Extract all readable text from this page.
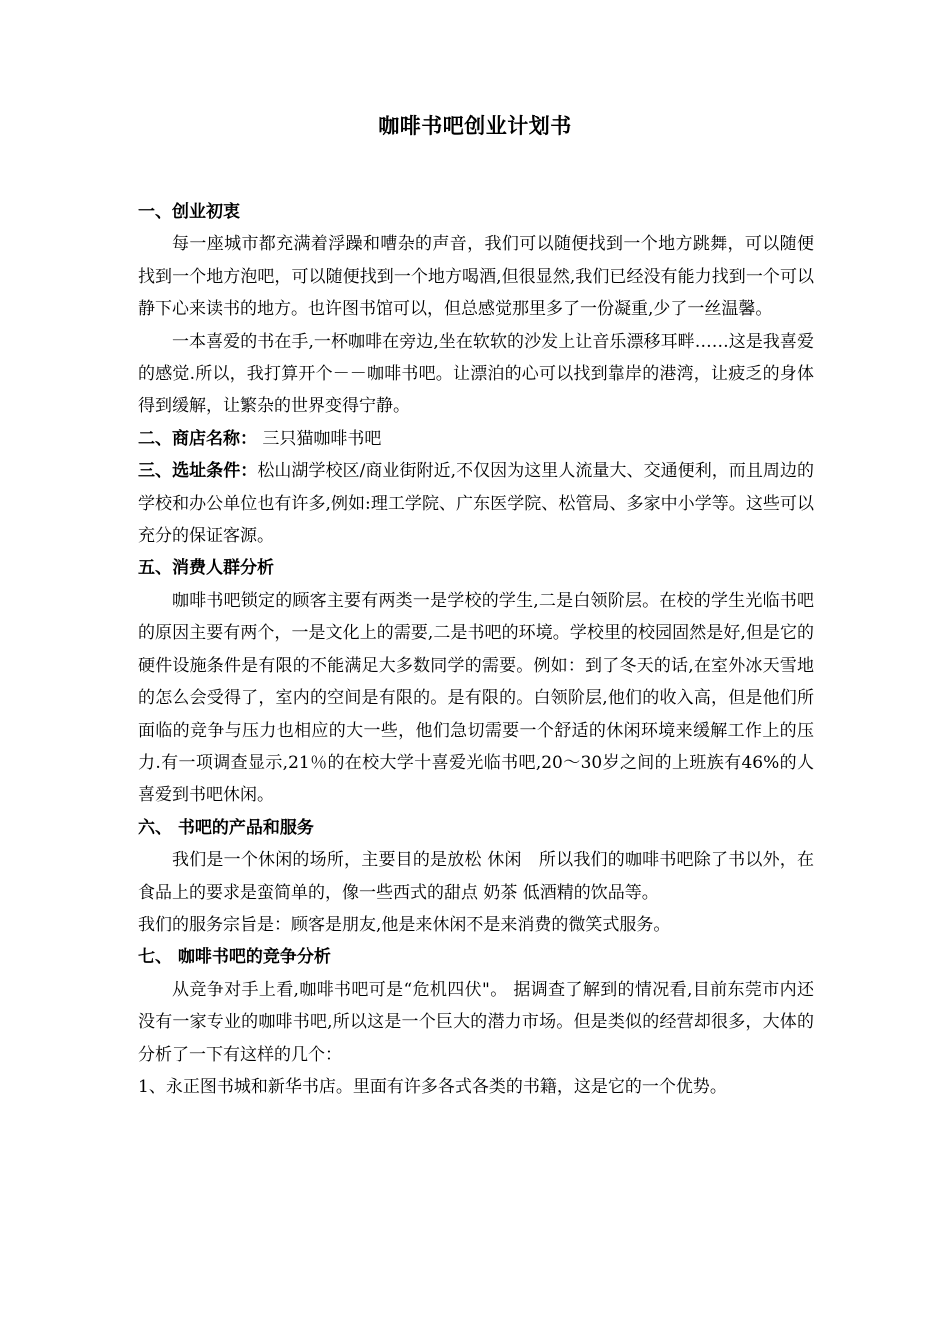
咖啡书吧创业计划书

一、创业初衷

每一座城市都充满着浮躁和嘈杂的声音，我们可以随便找到一个地方跳舞，可以随便找到一个地方泡吧，可以随便找到一个地方喝酒,但很显然,我们已经没有能力找到一个可以静下心来读书的地方。也许图书馆可以，但总感觉那里多了一份凝重,少了一丝温馨。

一本喜爱的书在手,一杯咖啡在旁边,坐在软软的沙发上让音乐漂移耳畔……这是我喜爱的感觉.所以，我打算开个－－咖啡书吧。让漂泊的心可以找到靠岸的港湾，让疲乏的身体得到缓解，让繁杂的世界变得宁静。

二、商店名称： 三只猫咖啡书吧

三、选址条件：松山湖学校区/商业街附近,不仅因为这里人流量大、交通便利，而且周边的学校和办公单位也有许多,例如:理工学院、广东医学院、松管局、多家中小学等。这些可以充分的保证客源。

五、消费人群分析

咖啡书吧锁定的顾客主要有两类一是学校的学生,二是白领阶层。在校的学生光临书吧的原因主要有两个，一是文化上的需要,二是书吧的环境。学校里的校园固然是好,但是它的硬件设施条件是有限的不能满足大多数同学的需要。例如：到了冬天的话,在室外冰天雪地的怎么会受得了，室内的空间是有限的。是有限的。白领阶层,他们的收入高，但是他们所面临的竞争与压力也相应的大一些，他们急切需要一个舒适的休闲环境来缓解工作上的压力.有一项调查显示,21％的在校大学十喜爱光临书吧,20～30岁之间的上班族有46%的人喜爱到书吧休闲。

六、 书吧的产品和服务

我们是一个休闲的场所，主要目的是放松 休闲　所以我们的咖啡书吧除了书以外，在食品上的要求是蛮简单的，像一些西式的甜点 奶茶 低酒精的饮品等。

我们的服务宗旨是：顾客是朋友,他是来休闲不是来消费的微笑式服务。

七、 咖啡书吧的竞争分析

从竞争对手上看,咖啡书吧可是“危机四伏"。 据调查了解到的情况看,目前东莞市内还没有一家专业的咖啡书吧,所以这是一个巨大的潜力市场。但是类似的经营却很多，大体的分析了一下有这样的几个：

1、永正图书城和新华书店。里面有许多各式各类的书籍，这是它的一个优势。
